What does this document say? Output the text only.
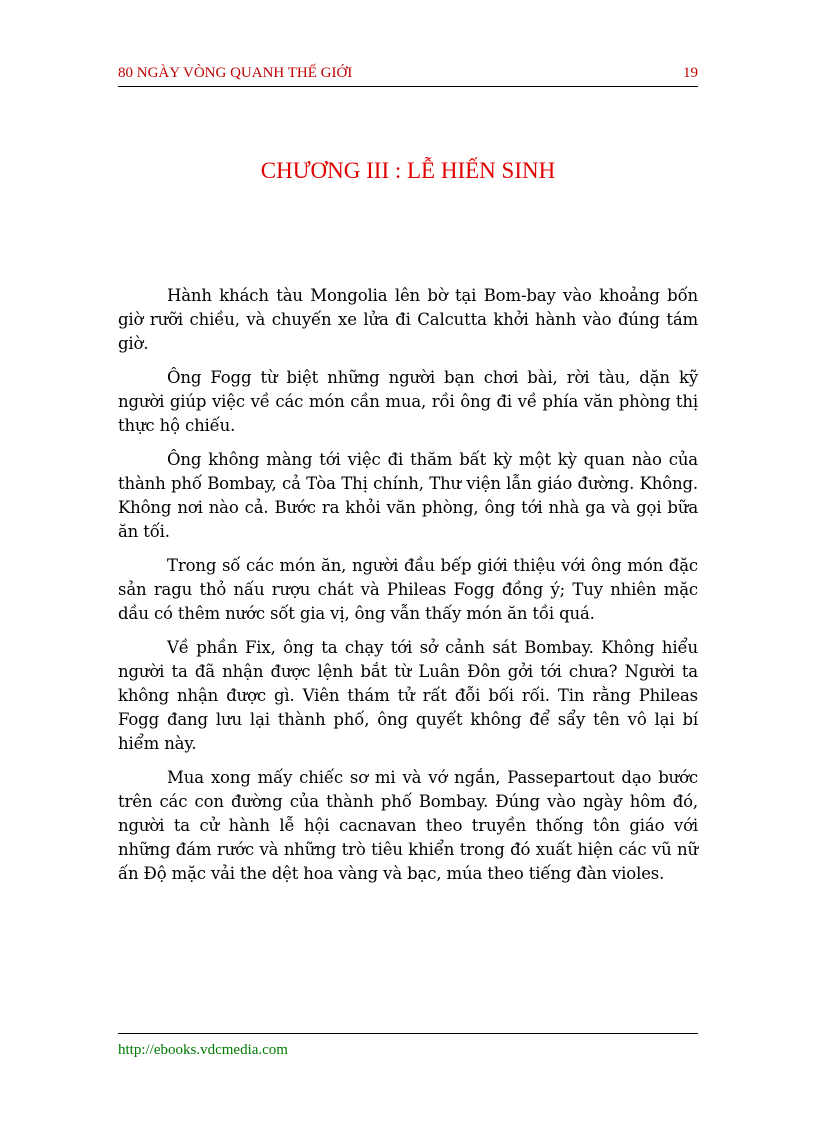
80 NGÀY VÒNG QUANH THẾ GIỚI	19
CHƯƠNG III : LỄ HIẾN SINH

Hành khách tàu Mongolia lên bờ tại Bom-bay vào khoảng bốn giờ rưỡi chiều, và chuyến xe lửa đi Calcutta khởi hành vào đúng tám giờ.

Ông Fogg từ biệt những người bạn chơi bài, rời tàu, dặn kỹ người giúp việc về các món cần mua, rồi ông đi về phía văn phòng thị thực hộ chiếu.

Ông không màng tới việc đi thăm bất kỳ một kỳ quan nào của thành phố Bombay, cả Tòa Thị chính, Thư viện lẫn giáo đường. Không. Không nơi nào cả. Bước ra khỏi văn phòng, ông tới nhà ga và gọi bữa ăn tối.

Trong số các món ăn, người đầu bếp giới thiệu với ông món đặc sản ragu thỏ nấu rượu chát và Phileas Fogg đồng ý; Tuy nhiên mặc dầu có thêm nước sốt gia vị, ông vẫn thấy món ăn tồi quá.

Về phần Fix, ông ta chạy tới sở cảnh sát Bombay. Không hiểu người ta đã nhận được lệnh bắt từ Luân Đôn gởi tới chưa? Người ta không nhận được gì. Viên thám tử rất đỗi bối rối. Tin rằng Phileas Fogg đang lưu lại thành phố, ông quyết không để sẩy tên vô lại bí hiểm này.

Mua xong mấy chiếc sơ mi và vớ ngắn, Passepartout dạo bước trên các con đường của thành phố Bombay. Đúng vào ngày hôm đó, người ta cử hành lễ hội cacnavan theo truyền thống tôn giáo với những đám rước và những trò tiêu khiển trong đó xuất hiện các vũ nữ ấn Độ mặc vải the dệt hoa vàng và bạc, múa theo tiếng đàn violes.

http://ebooks.vdcmedia.com
